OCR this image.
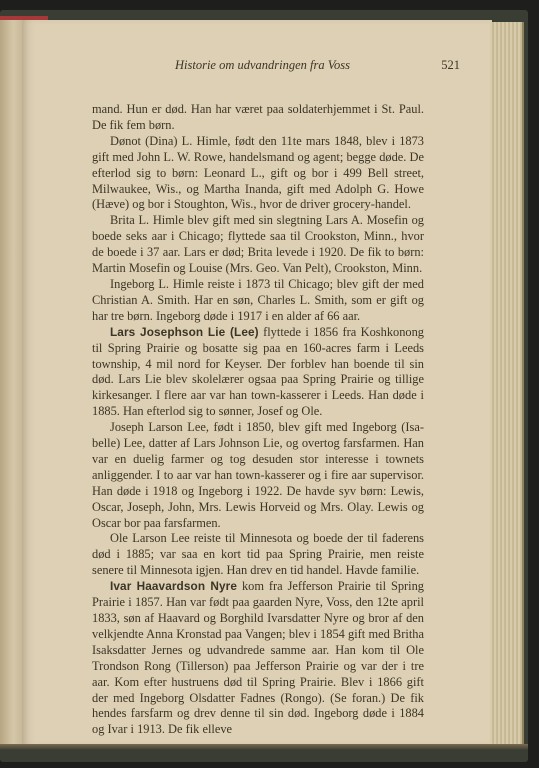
Historie om udvandringen fra Voss	521

mand. Hun er død. Han har været paa soldaterhjemmet i St. Paul. De fik fem børn.

Dønot (Dina) L. Himle, født den 11te mars 1848, blev i 1873 gift med John L. W. Rowe, handelsmand og agent; begge døde. De efterlod sig to børn: Leonard L., gift og bor i 499 Bell street, Milwaukee, Wis., og Martha Inanda, gift med Adolph G. Howe (Hæve) og bor i Stoughton, Wis., hvor de driver grocery-handel.

Brita L. Himle blev gift med sin slegtning Lars A. Mosefin og boede seks aar i Chicago; flyttede saa til Crookston, Minn., hvor de boede i 37 aar. Lars er død; Brita levede i 1920. De fik to børn: Martin Mosefin og Louise (Mrs. Geo. Van Pelt), Crookston, Minn.

Ingeborg L. Himle reiste i 1873 til Chicago; blev gift der med Christian A. Smith. Har en søn, Charles L. Smith, som er gift og har tre børn. Ingeborg døde i 1917 i en alder af 66 aar.

Lars Josephson Lie (Lee) flyttede i 1856 fra Koshkonong til Spring Prairie og bosatte sig paa en 160-acres farm i Leeds township, 4 mil nord for Keyser. Der forblev han boende til sin død. Lars Lie blev skolelærer ogsaa paa Spring Prairie og tillige kirkesanger. I flere aar var han town-kasserer i Leeds. Han døde i 1885. Han efterlod sig to sønner, Josef og Ole.

Joseph Larson Lee, født i 1850, blev gift med Ingeborg (Isa-belle) Lee, datter af Lars Johnson Lie, og overtog farsfarmen. Han var en duelig farmer og tog desuden stor interesse i townets anliggender. I to aar var han town-kasserer og i fire aar supervisor. Han døde i 1918 og Ingeborg i 1922. De havde syv børn: Lewis, Oscar, Joseph, John, Mrs. Lewis Horveid og Mrs. Olay. Lewis og Oscar bor paa farsfarmen.

Ole Larson Lee reiste til Minnesota og boede der til faderens død i 1885; var saa en kort tid paa Spring Prairie, men reiste senere til Minnesota igjen. Han drev en tid handel. Havde familie.

Ivar Haavardson Nyre kom fra Jefferson Prairie til Spring Prairie i 1857. Han var født paa gaarden Nyre, Voss, den 12te april 1833, søn af Haavard og Borghild Ivarsdatter Nyre og bror af den velkjendte Anna Kronstad paa Vangen; blev i 1854 gift med Britha Isaksdatter Jernes og udvandrede samme aar. Han kom til Ole Trondson Rong (Tillerson) paa Jefferson Prairie og var der i tre aar. Kom efter hustruens død til Spring Prairie. Blev i 1866 gift der med Ingeborg Olsdatter Fadnes (Rongo). (Se foran.) De fik hendes farsfarm og drev denne til sin død. Ingeborg døde i 1884 og Ivar i 1913. De fik elleve
